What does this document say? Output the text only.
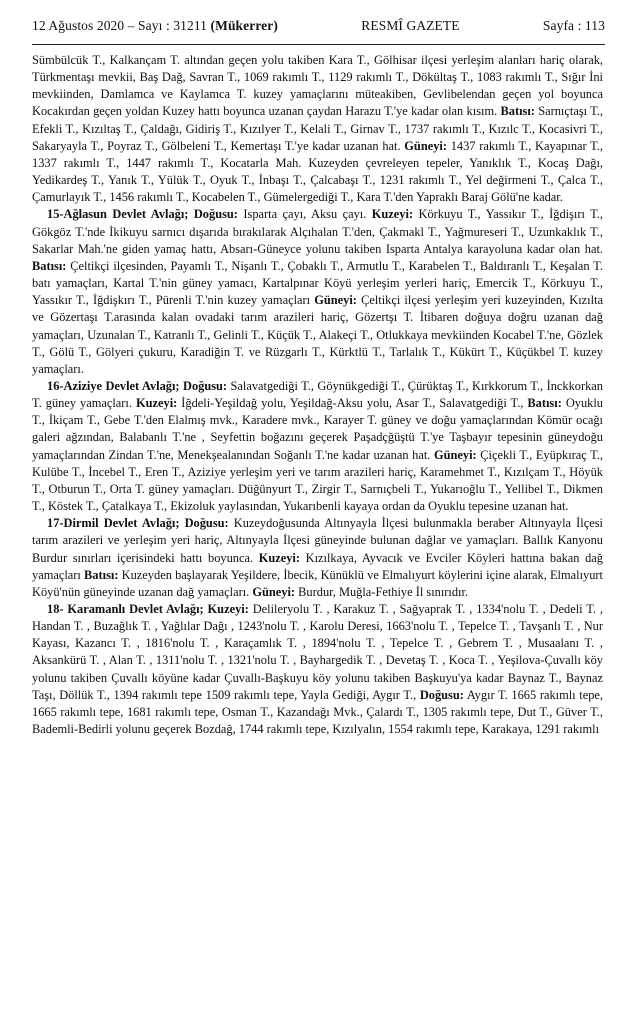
12 Ağustos 2020 – Sayı : 31211 (Mükerrer)	RESMÎ GAZETE	Sayfa : 113

Sümbülcük T., Kalkançam T. altından geçen yolu takiben Kara T., Gölhisar ilçesi yerleşim alanları hariç olarak, Türkmentaşı mevkii, Baş Dağ, Savran T., 1069 rakımlı T., 1129 rakımlı T., Dökültaş T., 1083 rakımlı T., Sığır İni mevkiinden, Damlamca ve Kaylamca T. kuzey yamaçlarını müteakiben, Gevlibelendan geçen yol boyunca Kocakırdan geçen yoldan Kuzey hattı boyunca uzanan çaydan Harazu T.'ye kadar olan kısım. Batısı: Sarnıçtaşı T., Efekli T., Kızıltaş T., Çaldağı, Gidiriş T., Kızılyer T., Kelali T., Girnav T., 1737 rakımlı T., Kızılc T., Kocasivri T., Sakaryayla T., Poyraz T., Gölbeleni T., Kemertaşı T.'ye kadar uzanan hat. Güneyi: 1437 rakımlı T., Kayapınar T., 1337 rakımlı T., 1447 rakımlı T., Kocatarla Mah. Kuzeyden çevreleyen tepeler, Yanıklık T., Kocaş Dağı, Yedikardeş T., Yanık T., Yülük T., Oyuk T., İnbaşı T., Çalcabaşı T., 1231 rakımlı T., Yel değirmeni T., Çalca T., Çamurlayık T., 1456 rakımlı T., Kocabelen T., Gümelergediği T., Kara T.'den Yapraklı Baraj Gölü'ne kadar.

15-Ağlasun Devlet Avlağı; Doğusu: Isparta çayı, Aksu çayı. Kuzeyi: Körkuyu T., Yassıkır T., İğdişırı T., Gökgöz T.'nde İkikuyu sarnıcı dışarıda bırakılarak Alçıhalan T.'den, Çakmakl T., Yağmureseri T., Uzunkaklık T., Sakarlar Mah.'ne giden yamaç hattı, Absarı-Güneyce yolunu takiben Isparta Antalya karayoluna kadar olan hat. Batısı: Çeltikçi ilçesinden, Payamlı T., Nişanlı T., Çobaklı T., Armutlu T., Karabelen T., Baldıranlı T., Keşalan T. batı yamaçları, Kartal T.'nin güney yamacı, Kartalpınar Köyü yerleşim yerleri hariç, Emercik T., Körkuyu T., Yassıkır T., İğdişkırı T., Pürenli T.'nin kuzey yamaçları Güneyi: Çeltikçi ilçesi yerleşim yeri kuzeyinden, Kızılta ve Gözertaşı T.arasında kalan ovadaki tarım arazileri hariç, Gözertşı T. İtibaren doğuya doğru uzanan dağ yamaçları, Uzunalan T., Katranlı T., Gelinli T., Küçük T., Alakeçi T., Otlukkaya mevkiinden Kocabel T.'ne, Gözlek T., Gölü T., Gölyeri çukuru, Karadiğin T. ve Rüzgarlı T., Kürktlü T., Tarlalık T., Kükürt T., Küçükbel T. kuzey yamaçları.

16-Aziziye Devlet Avlağı; Doğusu: Salavatgediği T., Göynükgediği T., Çürüktaş T., Kırkkorum T., İnckkorkan T. güney yamaçları. Kuzeyi: İğdeli-Yeşildağ yolu, Yeşildağ-Aksu yolu, Asar T., Salavatgediği T., Batısı: Oyuklu T., İkiçam T., Gebe T.'den Elalmış mvk., Karadere mvk., Karayer T. güney ve doğu yamaçlarından Kömür ocağı galeri ağzından, Balabanlı T.'ne , Seyfettin boğazını geçerek Paşadçğüştü T.'ye Taşbayır tepesinin güneydoğu yamaçlarından Zindan T.'ne, Menekşealanından Soğanlı T.'ne kadar uzanan hat. Güneyi: Çiçekli T., Eyüpkıraç T., Kulübe T., İncebel T., Eren T., Aziziye yerleşim yeri ve tarım arazileri hariç, Karamehmet T., Kızılçam T., Höyük T., Otburun T., Orta T. güney yamaçları. Düğünyurt T., Zirgir T., Sarnıçbeli T., Yukarıoğlu T., Yellibel T., Dikmen T., Köstek T., Çatalkaya T., Ekizoluk yaylasından, Yukarıbenli kayaya ordan da Oyuklu tepesine uzanan hat.

17-Dirmil Devlet Avlağı; Doğusu: Kuzeydoğusunda Altınyayla İlçesi bulunmakla beraber Altınyayla İlçesi tarım arazileri ve yerleşim yeri hariç, Altınyayla İlçesi güneyinde bulunan dağlar ve yamaçları. Ballık Kanyonu Burdur sınırları içerisindeki hattı boyunca. Kuzeyi: Kızılkaya, Ayvacık ve Evciler Köyleri hattına bakan dağ yamaçları Batısı: Kuzeyden başlayarak Yeşildere, İbecik, Künüklü ve Elmalıyurt köylerini içine alarak, Elmalıyurt Köyü'nün güneyinde uzanan dağ yamaçları. Güneyi: Burdur, Muğla-Fethiye İl sınırıdır.

18- Karamanlı Devlet Avlağı; Kuzeyi: Delileryolu T. , Karakuz T. , Sağyaprak T. , 1334'nolu T. , Dedeli T. , Handan T. , Buzağlık T. , Yağlılar Dağı , 1243'nolu T. , Karolu Deresi, 1663'nolu T. , Tepelce T. , Tavşanlı T. , Nur Kayası, Kazancı T. , 1816'nolu T. , Karaçamlık T. , 1894'nolu T. , Tepelce T. , Gebrem T. , Musaalanı T. , Aksankürü T. , Alan T. , 1311'nolu T. , 1321'nolu T. , Bayhargedik T. , Devetaş T. , Koca T. , Yeşilova-Çuvallı köy yolunu takiben Çuvallı köyüne kadar Çuvallı-Başkuyu köy yolunu takiben Başkuyu'ya kadar Baynaz T., Baynaz Taşı, Döllük T., 1394 rakımlı tepe 1509 rakımlı tepe, Yayla Gediği, Aygır T., Doğusu: Aygır T. 1665 rakımlı tepe, 1665 rakımlı tepe, 1681 rakımlı tepe, Osman T., Kazandağı Mvk., Çalardı T., 1305 rakımlı tepe, Dut T., Güver T., Bademli-Bedirli yolunu geçerek Bozdağ, 1744 rakımlı tepe, Kızılyalın, 1554 rakımlı tepe, Karakaya, 1291 rakımlı
